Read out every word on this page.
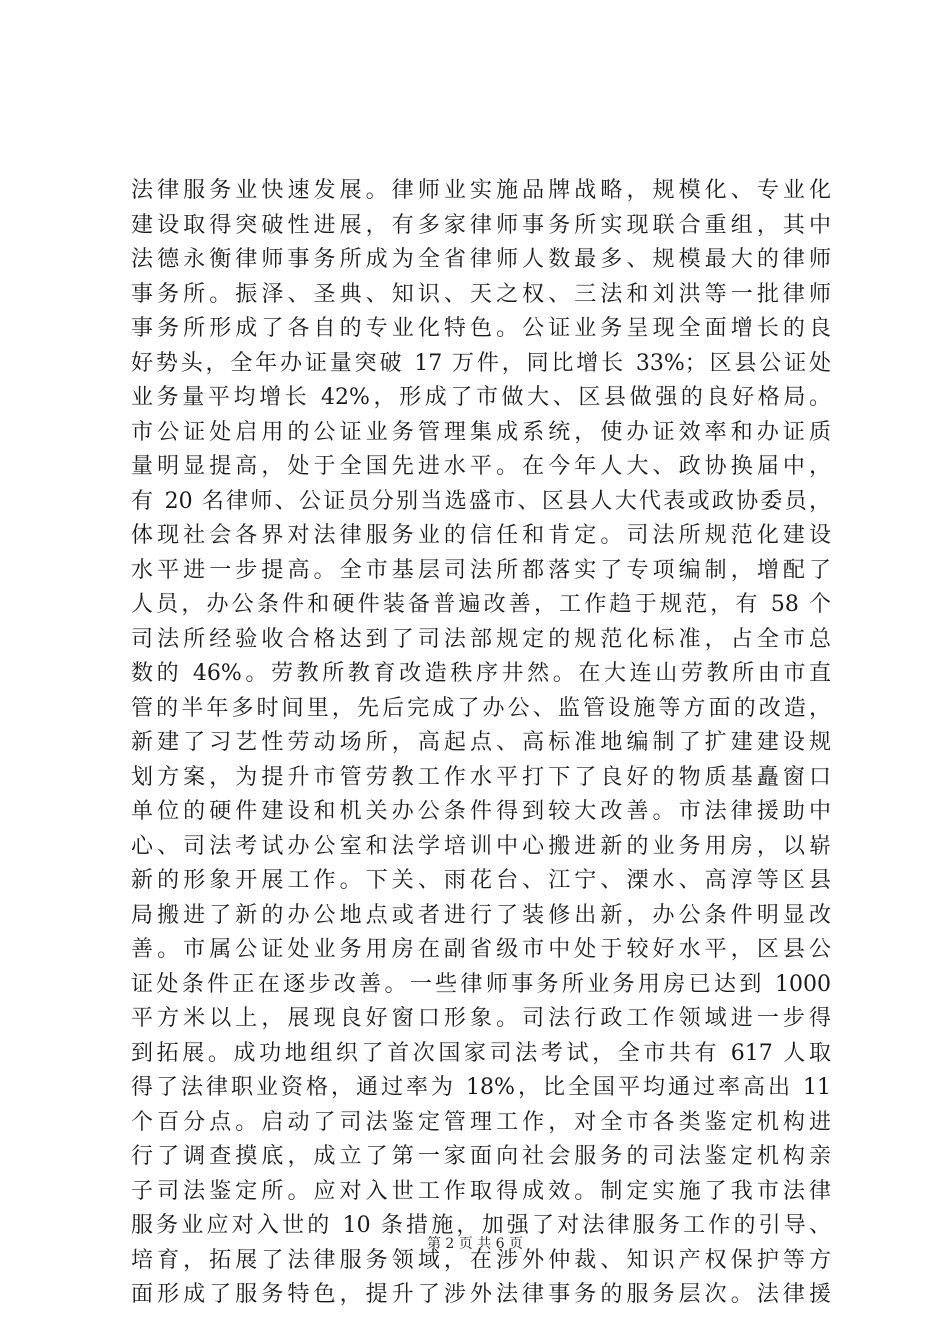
法律服务业快速发展。律师业实施品牌战略，规模化、专业化
建设取得突破性进展，有多家律师事务所实现联合重组，其中
法德永衡律师事务所成为全省律师人数最多、规模最大的律师
事务所。振泽、圣典、知识、天之权、三法和刘洪等一批律师
事务所形成了各自的专业化特色。公证业务呈现全面增长的良
好势头，全年办证量突破 17 万件，同比增长 33%；区县公证处
业务量平均增长 42%，形成了市做大、区县做强的良好格局。
市公证处启用的公证业务管理集成系统，使办证效率和办证质
量明显提高，处于全国先进水平。在今年人大、政协换届中，
有 20 名律师、公证员分别当选盛市、区县人大代表或政协委员，
体现社会各界对法律服务业的信任和肯定。司法所规范化建设
水平进一步提高。全市基层司法所都落实了专项编制，增配了
人员，办公条件和硬件装备普遍改善，工作趋于规范，有 58 个
司法所经验收合格达到了司法部规定的规范化标准，占全市总
数的 46%。劳教所教育改造秩序井然。在大连山劳教所由市直
管的半年多时间里，先后完成了办公、监管设施等方面的改造，
新建了习艺性劳动场所，高起点、高标准地编制了扩建建设规
划方案，为提升市管劳教工作水平打下了良好的物质基矗窗口
单位的硬件建设和机关办公条件得到较大改善。市法律援助中
心、司法考试办公室和法学培训中心搬进新的业务用房，以崭
新的形象开展工作。下关、雨花台、江宁、溧水、高淳等区县
局搬进了新的办公地点或者进行了装修出新，办公条件明显改
善。市属公证处业务用房在副省级市中处于较好水平，区县公
证处条件正在逐步改善。一些律师事务所业务用房已达到 1000
平方米以上，展现良好窗口形象。司法行政工作领域进一步得
到拓展。成功地组织了首次国家司法考试，全市共有 617 人取
得了法律职业资格，通过率为 18%，比全国平均通过率高出 11
个百分点。启动了司法鉴定管理工作，对全市各类鉴定机构进
行了调查摸底，成立了第一家面向社会服务的司法鉴定机构亲
子司法鉴定所。应对入世工作取得成效。制定实施了我市法律
服务业应对入世的 10 条措施，加强了对法律服务工作的引导、
培育，拓展了法律服务领域，在涉外仲裁、知识产权保护等方
面形成了服务特色，提升了涉外法律事务的服务层次。法律援
第 2 页 共 6 页
